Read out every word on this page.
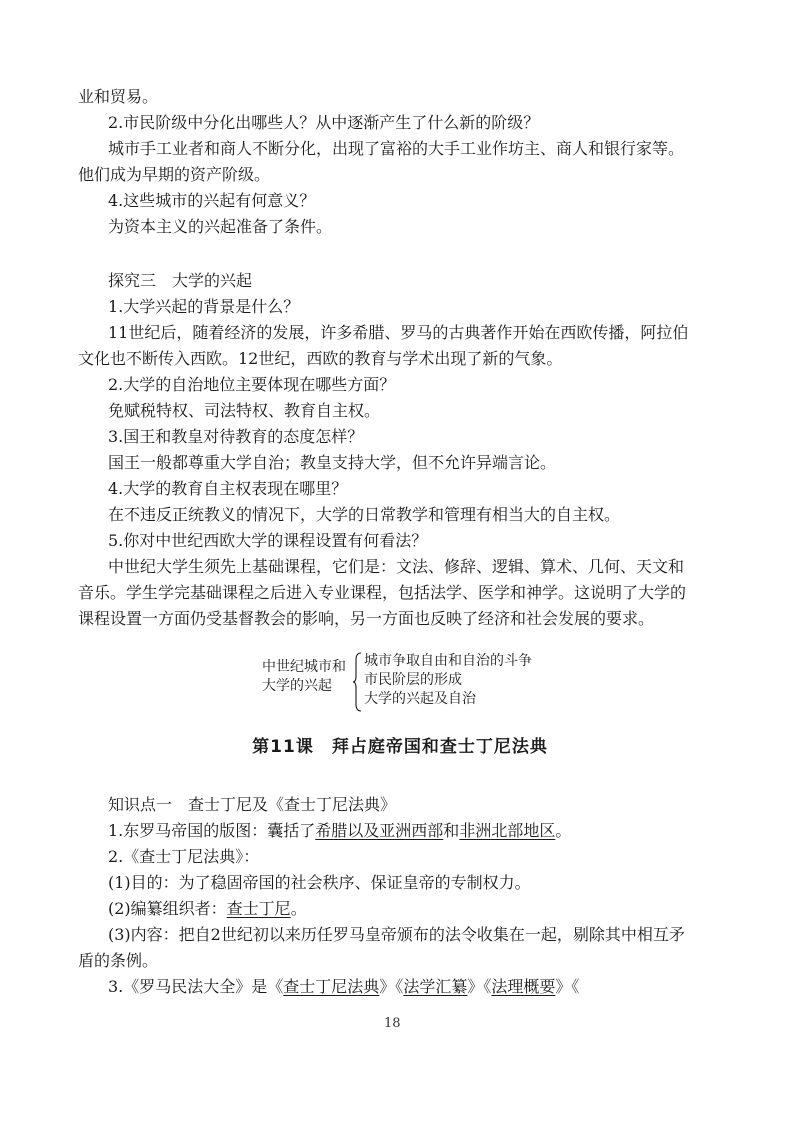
业和贸易。
2.市民阶级中分化出哪些人？从中逐渐产生了什么新的阶级？
城市手工业者和商人不断分化，出现了富裕的大手工业作坊主、商人和银行家等。
他们成为早期的资产阶级。
4.这些城市的兴起有何意义？
为资本主义的兴起准备了条件。
探究三　大学的兴起
1.大学兴起的背景是什么？
11世纪后，随着经济的发展，许多希腊、罗马的古典著作开始在西欧传播，阿拉伯
文化也不断传入西欧。12世纪，西欧的教育与学术出现了新的气象。
2.大学的自治地位主要体现在哪些方面？
免赋税特权、司法特权、教育自主权。
3.国王和教皇对待教育的态度怎样？
国王一般都尊重大学自治；教皇支持大学，但不允许异端言论。
4.大学的教育自主权表现在哪里？
在不违反正统教义的情况下，大学的日常教学和管理有相当大的自主权。
5.你对中世纪西欧大学的课程设置有何看法？
中世纪大学生须先上基础课程，它们是：文法、修辞、逻辑、算术、几何、天文和
音乐。学生学完基础课程之后进入专业课程，包括法学、医学和神学。这说明了大学的
课程设置一方面仍受基督教会的影响，另一方面也反映了经济和社会发展的要求。
中世纪城市和
大学的兴起
城市争取自由和自治的斗争
市民阶层的形成
大学的兴起及自治
第11课　拜占庭帝国和查士丁尼法典
知识点一　查士丁尼及《查士丁尼法典》
1.东罗马帝国的版图：囊括了希腊以及亚洲西部和非洲北部地区。
2.《查士丁尼法典》：
(1)目的：为了稳固帝国的社会秩序、保证皇帝的专制权力。
(2)编纂组织者：查士丁尼。
(3)内容：把自2世纪初以来历任罗马皇帝颁布的法令收集在一起，剔除其中相互矛
盾的条例。
3.《罗马民法大全》是《查士丁尼法典》《法学汇纂》《法理概要》《
18
